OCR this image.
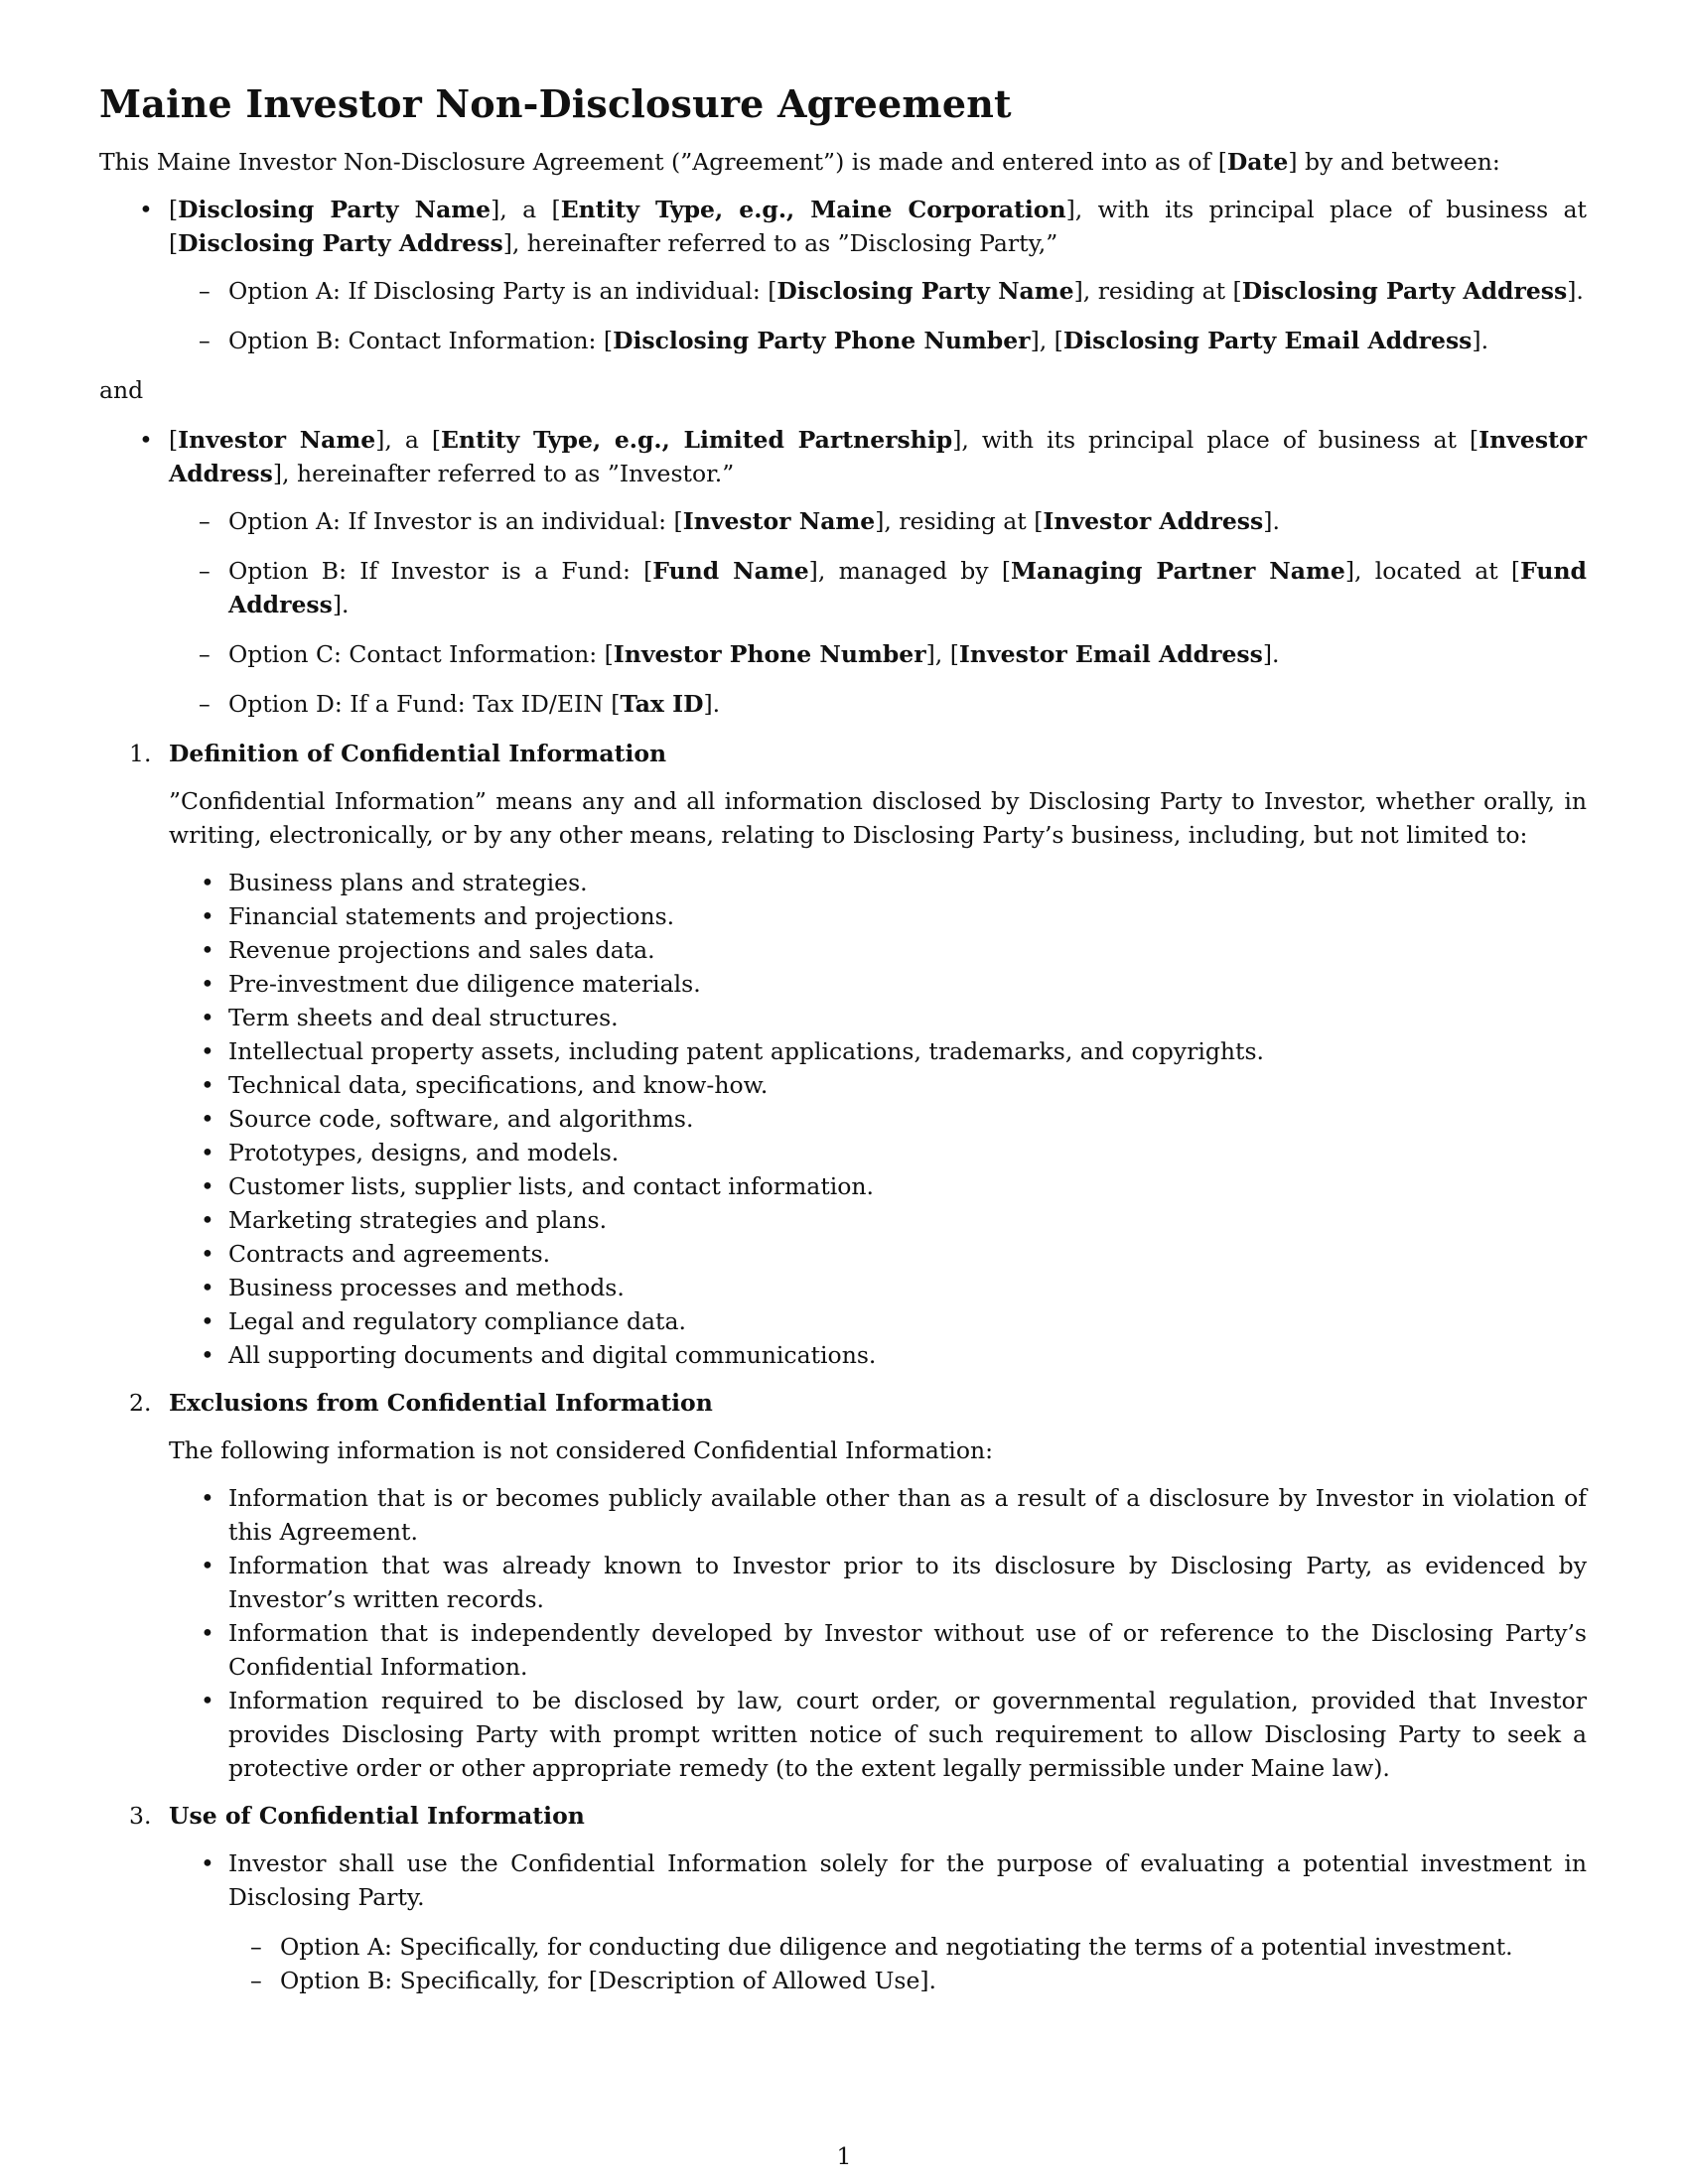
Maine Investor Non-Disclosure Agreement

This Maine Investor Non-Disclosure Agreement (”Agreement”) is made and entered into as of [Date] by and between:

• [Disclosing Party Name], a [Entity Type, e.g., Maine Corporation], with its principal place of business at [Disclosing Party Address], hereinafter referred to as ”Disclosing Party,”
– Option A: If Disclosing Party is an individual: [Disclosing Party Name], residing at [Disclosing Party Address].
– Option B: Contact Information: [Disclosing Party Phone Number], [Disclosing Party Email Address].

and

• [Investor Name], a [Entity Type, e.g., Limited Partnership], with its principal place of business at [Investor Address], hereinafter referred to as ”Investor.”
– Option A: If Investor is an individual: [Investor Name], residing at [Investor Address].
– Option B: If Investor is a Fund: [Fund Name], managed by [Managing Partner Name], located at [Fund Address].
– Option C: Contact Information: [Investor Phone Number], [Investor Email Address].
– Option D: If a Fund: Tax ID/EIN [Tax ID].
1. Definition of Confidential Information

”Confidential Information” means any and all information disclosed by Disclosing Party to Investor, whether orally, in writing, electronically, or by any other means, relating to Disclosing Party’s business, including, but not limited to:

• Business plans and strategies.
• Financial statements and projections.
• Revenue projections and sales data.
• Pre-investment due diligence materials.
• Term sheets and deal structures.
• Intellectual property assets, including patent applications, trademarks, and copyrights.
• Technical data, specifications, and know-how.
• Source code, software, and algorithms.
• Prototypes, designs, and models.
• Customer lists, supplier lists, and contact information.
• Marketing strategies and plans.
• Contracts and agreements.
• Business processes and methods.
• Legal and regulatory compliance data.
• All supporting documents and digital communications.
2. Exclusions from Confidential Information

The following information is not considered Confidential Information:

• Information that is or becomes publicly available other than as a result of a disclosure by Investor in violation of this Agreement.
• Information that was already known to Investor prior to its disclosure by Disclosing Party, as evidenced by Investor’s written records.
• Information that is independently developed by Investor without use of or reference to the Disclosing Party’s Confidential Information.
• Information required to be disclosed by law, court order, or governmental regulation, provided that Investor provides Disclosing Party with prompt written notice of such requirement to allow Disclosing Party to seek a protective order or other appropriate remedy (to the extent legally permissible under Maine law).
3. Use of Confidential Information
• Investor shall use the Confidential Information solely for the purpose of evaluating a potential investment in Disclosing Party.
– Option A: Specifically, for conducting due diligence and negotiating the terms of a potential investment.
– Option B: Specifically, for [Description of Allowed Use].
1
